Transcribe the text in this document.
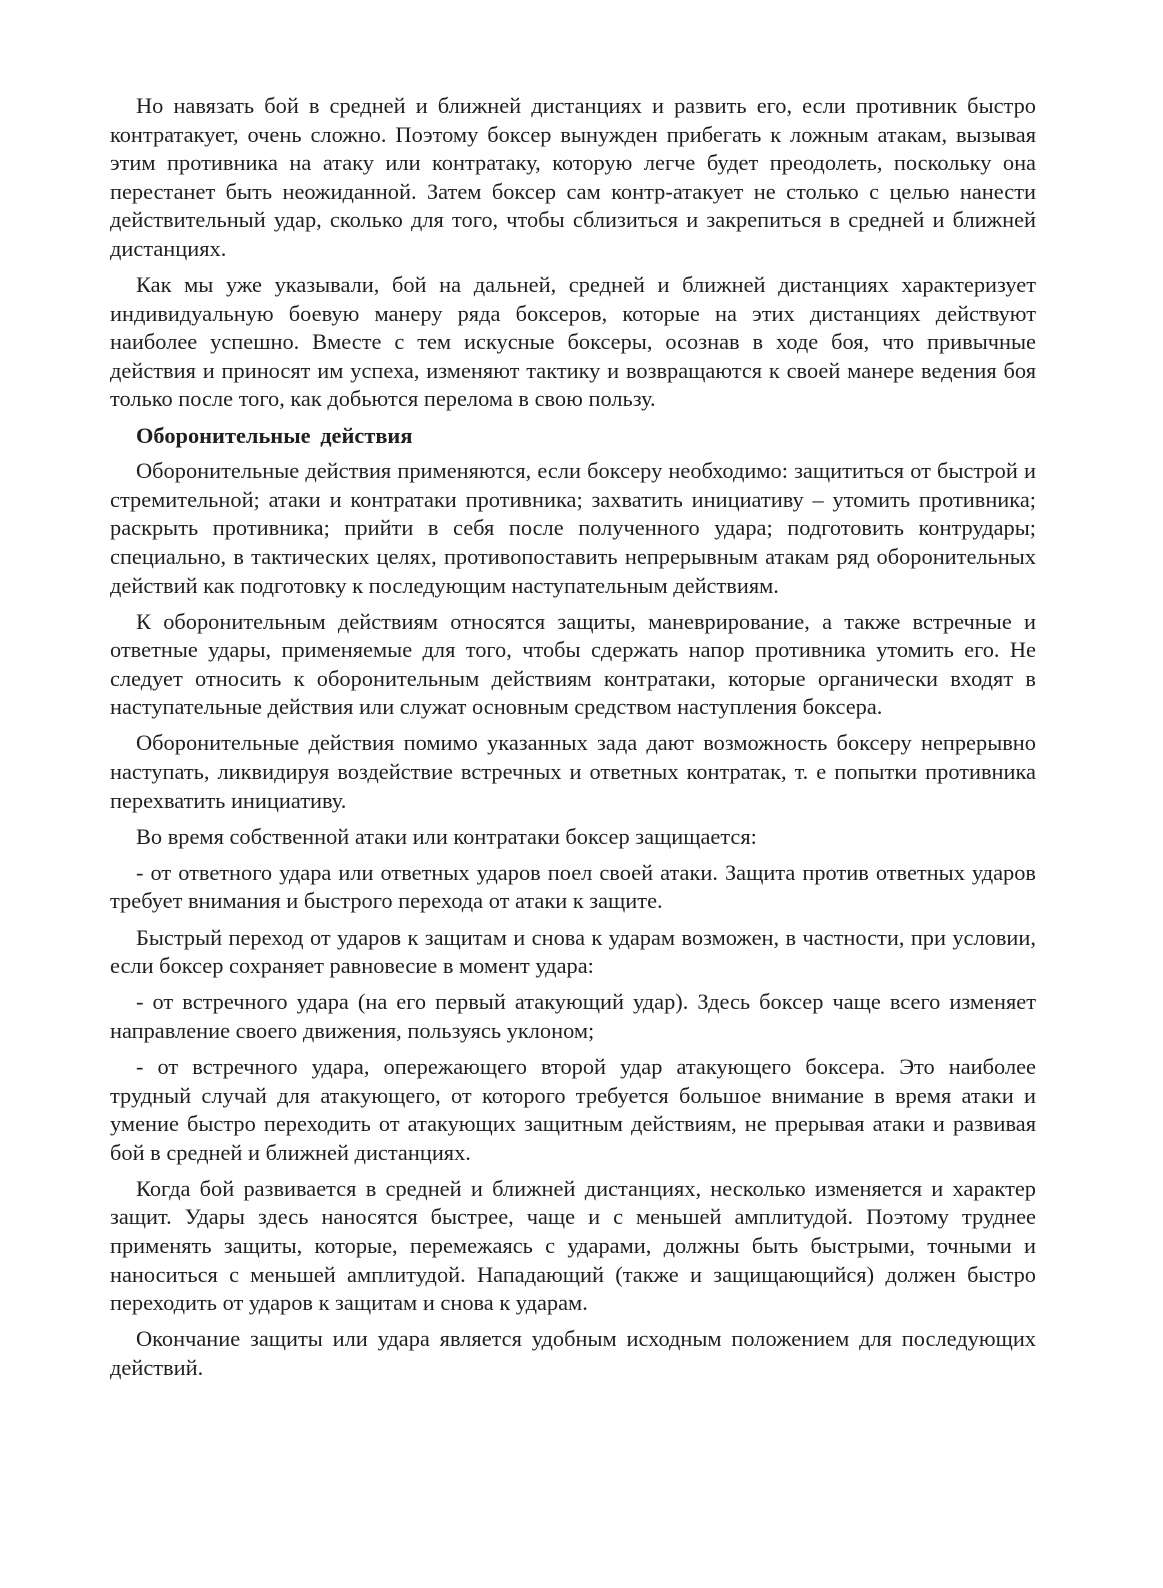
Но навязать бой в средней и ближней дистанциях и развить его, если противник быстро контратакует, очень сложно. Поэтому боксер вынужден прибегать к ложным атакам, вызывая этим противника на атаку или контратаку, которую легче будет преодолеть, поскольку она перестанет быть неожиданной. Затем боксер сам контр-атакует не столько с целью нанести действительный удар, сколько для того, чтобы сблизиться и закрепиться в средней и ближней дистанциях.

Как мы уже указывали, бой на дальней, средней и ближней дистанциях характеризует индивидуальную боевую манеру ряда боксеров, которые на этих дистанциях действуют наиболее успешно. Вместе с тем искусные боксеры, осознав в ходе боя, что привычные действия и приносят им успеха, изменяют тактику и возвращаются к своей манере ведения боя только после того, как добьются перелома в свою пользу.

Оборонительные действия

Оборонительные действия применяются, если боксеру необходимо: защититься от быстрой и стремительной; атаки и контратаки противника; захватить инициативу – утомить противника; раскрыть противника; прийти в себя после полученного удара; подготовить контрудары; специально, в тактических целях, противопоставить непрерывным атакам ряд оборонительных действий как подготовку к последующим наступательным действиям.

К оборонительным действиям относятся защиты, маневрирование, а также встречные и ответные удары, применяемые для того, чтобы сдержать напор противника утомить его. Не следует относить к оборонительным действиям контратаки, которые органически входят в наступательные действия или служат основным средством наступления боксера.

Оборонительные действия помимо указанных зада дают возможность боксеру непрерывно наступать, ликвидируя воздействие встречных и ответных контратак, т. е попытки противника перехватить инициативу.

Во время собственной атаки или контратаки боксер защищается:

- от ответного удара или ответных ударов поел своей атаки. Защита против ответных ударов требует внимания и быстрого перехода от атаки к защите.

Быстрый переход от ударов к защитам и снова к ударам возможен, в частности, при условии, если боксер сохраняет равновесие в момент удара:

- от встречного удара (на его первый атакующий удар). Здесь боксер чаще всего изменяет направление своего движения, пользуясь уклоном;

- от встречного удара, опережающего второй удар атакующего боксера. Это наиболее трудный случай для атакующего, от которого требуется большое внимание в время атаки и умение быстро переходить от атакующих защитным действиям, не прерывая атаки и развивая бой в средней и ближней дистанциях.

Когда бой развивается в средней и ближней дистанциях, несколько изменяется и характер защит. Удары здесь наносятся быстрее, чаще и с меньшей амплитудой. Поэтому труднее применять защиты, которые, перемежаясь с ударами, должны быть быстрыми, точными и наноситься с меньшей амплитудой. Нападающий (также и защищающийся) должен быстро переходить от ударов к защитам и снова к ударам.

Окончание защиты или удара является удобным исходным положением для последующих действий.
